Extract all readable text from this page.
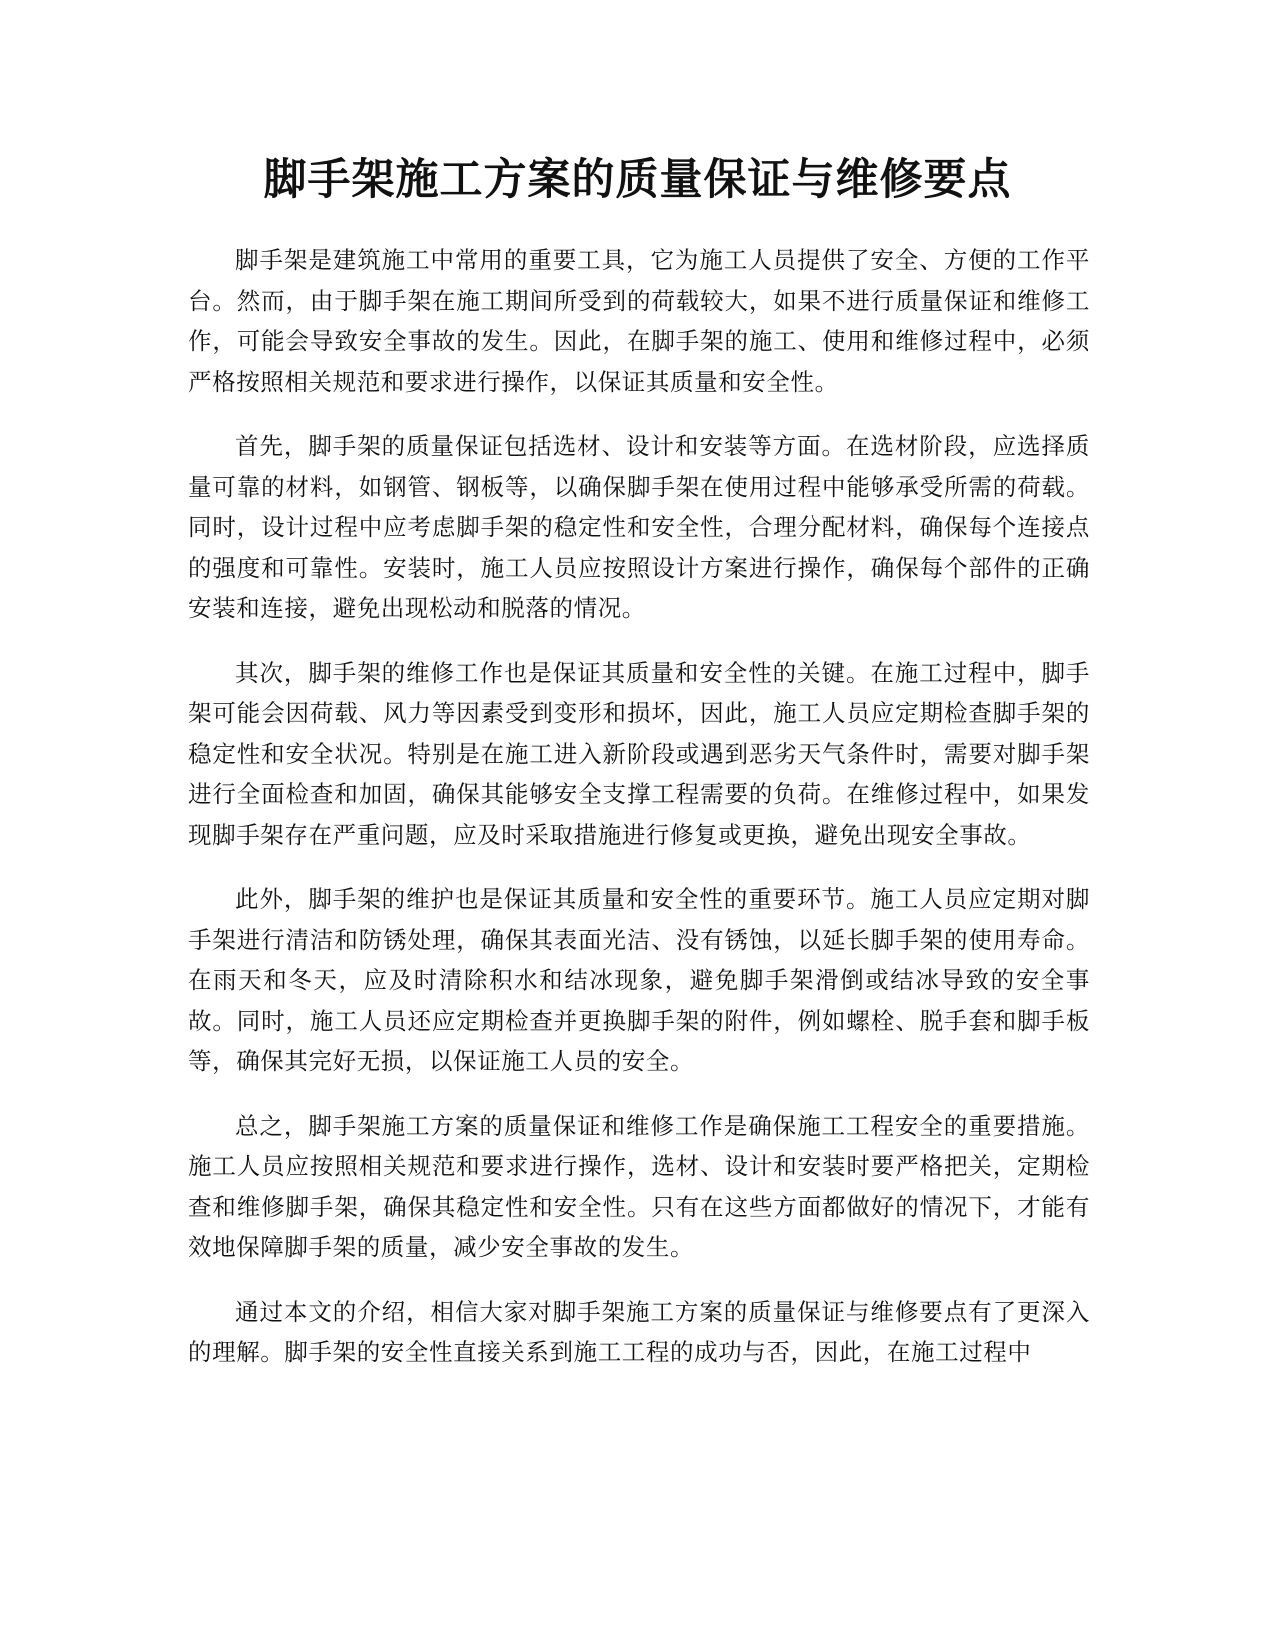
脚手架施工方案的质量保证与维修要点

脚手架是建筑施工中常用的重要工具，它为施工人员提供了安全、方便的工作平台。然而，由于脚手架在施工期间所受到的荷载较大，如果不进行质量保证和维修工作，可能会导致安全事故的发生。因此，在脚手架的施工、使用和维修过程中，必须严格按照相关规范和要求进行操作，以保证其质量和安全性。

首先，脚手架的质量保证包括选材、设计和安装等方面。在选材阶段，应选择质量可靠的材料，如钢管、钢板等，以确保脚手架在使用过程中能够承受所需的荷载。同时，设计过程中应考虑脚手架的稳定性和安全性，合理分配材料，确保每个连接点的强度和可靠性。安装时，施工人员应按照设计方案进行操作，确保每个部件的正确安装和连接，避免出现松动和脱落的情况。

其次，脚手架的维修工作也是保证其质量和安全性的关键。在施工过程中，脚手架可能会因荷载、风力等因素受到变形和损坏，因此，施工人员应定期检查脚手架的稳定性和安全状况。特别是在施工进入新阶段或遇到恶劣天气条件时，需要对脚手架进行全面检查和加固，确保其能够安全支撑工程需要的负荷。在维修过程中，如果发现脚手架存在严重问题，应及时采取措施进行修复或更换，避免出现安全事故。

此外，脚手架的维护也是保证其质量和安全性的重要环节。施工人员应定期对脚手架进行清洁和防锈处理，确保其表面光洁、没有锈蚀，以延长脚手架的使用寿命。在雨天和冬天，应及时清除积水和结冰现象，避免脚手架滑倒或结冰导致的安全事故。同时，施工人员还应定期检查并更换脚手架的附件，例如螺栓、脱手套和脚手板等，确保其完好无损，以保证施工人员的安全。

总之，脚手架施工方案的质量保证和维修工作是确保施工工程安全的重要措施。施工人员应按照相关规范和要求进行操作，选材、设计和安装时要严格把关，定期检查和维修脚手架，确保其稳定性和安全性。只有在这些方面都做好的情况下，才能有效地保障脚手架的质量，减少安全事故的发生。

通过本文的介绍，相信大家对脚手架施工方案的质量保证与维修要点有了更深入的理解。脚手架的安全性直接关系到施工工程的成功与否，因此，在施工过程中
